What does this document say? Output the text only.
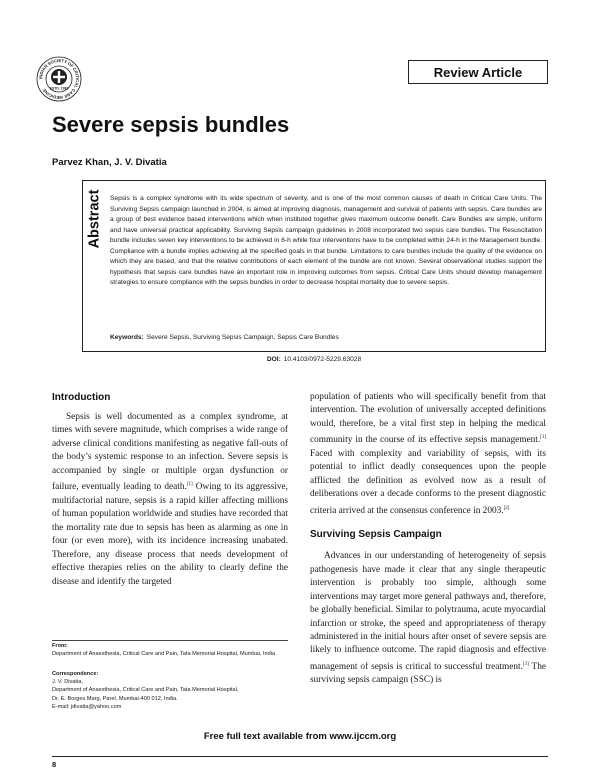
INDIAN SOCIETY OF CRITICAL CARE MEDICINE ESTD. 1993
Review Article
Severe sepsis bundles
Parvez Khan, J. V. Divatia
Abstract Sepsis is a complex syndrome with its wide spectrum of severity, and is one of the most common causes of death in Critical Care Units. The Surviving Sepsis campaign launched in 2004, is aimed at improving diagnosis, management and survival of patients with sepsis. Care bundles are a group of best evidence based interventions which when instituted together gives maximum outcome benefit. Care Bundles are simple, uniform and have universal practical applicability. Surviving Sepsis campaign guidelines in 2008 incorporated two sepsis care bundles. The Resuscitation bundle includes seven key interventions to be achieved in 6-h while four interventions have to be completed within 24-h in the Management bundle. Compliance with a bundle implies achieving all the specified goals in that bundle. Limitations to care bundles include the quality of the evidence on which they are based, and that the relative contributions of each element of the bundle are not known. Several observational studies support the hypothesis that sepsis care bundles have an important role in improving outcomes from sepsis. Critical Care Units should develop management strategies to ensure compliance with the sepsis bundles in order to decrease hospital mortality due to severe sepsis.

Keywords: Severe Sepsis, Surviving Sepsis Campaign, Sepsis Care Bundles
DOI: 10.4103/0972-5229.63028
Introduction

Sepsis is well documented as a complex syndrome, at times with severe magnitude, which comprises a wide range of adverse clinical conditions manifesting as negative fall-outs of the body’s systemic response to an infection. Severe sepsis is accompanied by single or multiple organ dysfunction or failure, eventually leading to death.[1] Owing to its aggressive, multifactorial nature, sepsis is a rapid killer affecting millions of human population worldwide and studies have recorded that the mortality rate due to sepsis has been as alarming as one in four (or even more), with its incidence increasing unabated. Therefore, any disease process that needs development of effective therapies relies on the ability to clearly define the disease and identify the targeted

population of patients who will specifically benefit from that intervention. The evolution of universally accepted definitions would, therefore, be a vital first step in helping the medical community in the course of its effective sepsis management.[1] Faced with complexity and variability of sepsis, with its potential to inflict deadly consequences upon the people afflicted the definition as evolved now as a result of deliberations over a decade conforms to the present diagnostic criteria arrived at the consensus conference in 2003.[2]

Surviving Sepsis Campaign

Advances in our understanding of heterogeneity of sepsis pathogenesis have made it clear that any single therapeutic intervention is probably too simple, although some interventions may target more general pathways and, therefore, be globally beneficial. Similar to polytrauma, acute myocardial infarction or stroke, the speed and appropriateness of therapy administered in the initial hours after onset of severe sepsis are likely to influence outcome. The rapid diagnosis and effective management of sepsis is critical to successful treatment.[3] The surviving sepsis campaign (SSC) is

From:
Department of Anaesthesia, Critical Care and Pain, Tata Memorial Hospital, Mumbai, India
Correspondence:
J. V. Divatia,
Department of Anaesthesia, Critical Care and Pain, Tata Memorial Hospital,
Dr. E. Borges Marg, Parel, Mumbai-400 012, India.
E-mail: jdivatia@yahoo.com
Free full text available from www.ijccm.org
8
